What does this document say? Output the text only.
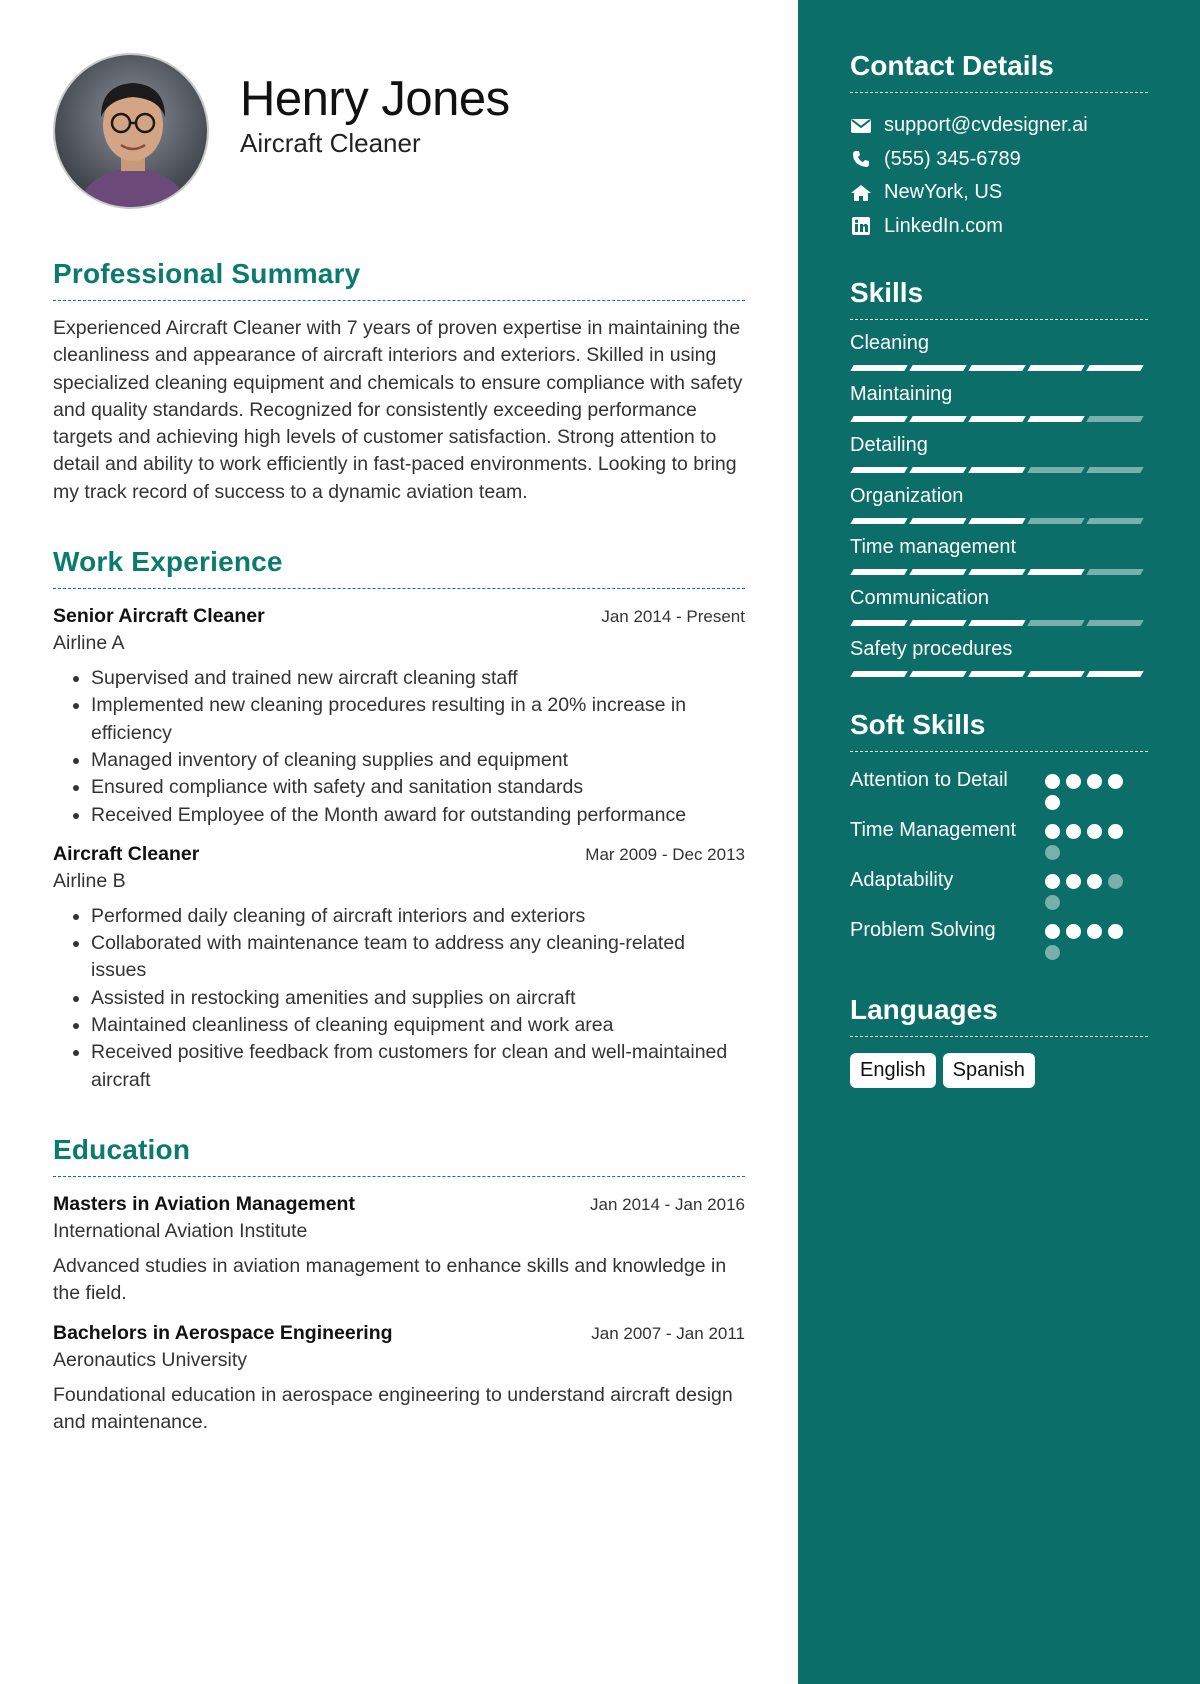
Henry Jones
Aircraft Cleaner
Professional Summary

Experienced Aircraft Cleaner with 7 years of proven expertise in maintaining the cleanliness and appearance of aircraft interiors and exteriors. Skilled in using specialized cleaning equipment and chemicals to ensure compliance with safety and quality standards. Recognized for consistently exceeding performance targets and achieving high levels of customer satisfaction. Strong attention to detail and ability to work efficiently in fast-paced environments. Looking to bring my track record of success to a dynamic aviation team.

Work Experience
Senior Aircraft Cleaner	Jan 2014 - Present
Airline A
• Supervised and trained new aircraft cleaning staff
• Implemented new cleaning procedures resulting in a 20% increase in efficiency
• Managed inventory of cleaning supplies and equipment
• Ensured compliance with safety and sanitation standards
• Received Employee of the Month award for outstanding performance
Aircraft Cleaner	Mar 2009 - Dec 2013
Airline B
• Performed daily cleaning of aircraft interiors and exteriors
• Collaborated with maintenance team to address any cleaning-related issues
• Assisted in restocking amenities and supplies on aircraft
• Maintained cleanliness of cleaning equipment and work area
• Received positive feedback from customers for clean and well-maintained aircraft
Education
Masters in Aviation Management	Jan 2014 - Jan 2016
International Aviation Institute

Advanced studies in aviation management to enhance skills and knowledge in the field.

Bachelors in Aerospace Engineering	Jan 2007 - Jan 2011
Aeronautics University

Foundational education in aerospace engineering to understand aircraft design and maintenance.

Contact Details
support@cvdesigner.ai
(555) 345-6789
NewYork, US
LinkedIn.com
Skills
Cleaning
Maintaining
Detailing
Organization
Time management
Communication
Safety procedures
Soft Skills
Attention to Detail
Time Management
Adaptability
Problem Solving
Languages
English	Spanish
